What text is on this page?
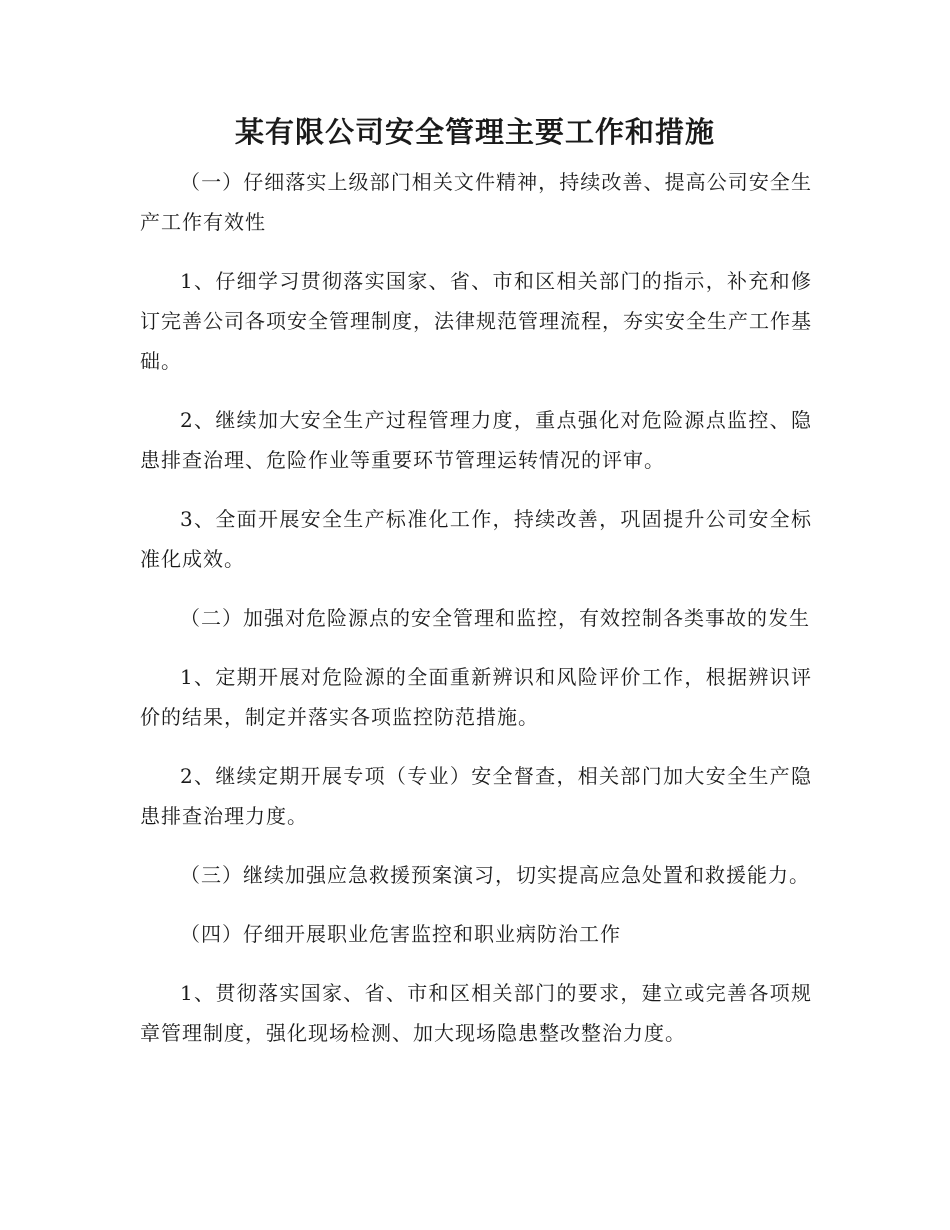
某有限公司安全管理主要工作和措施

（一）仔细落实上级部门相关文件精神，持续改善、提高公司安全生产工作有效性

1、仔细学习贯彻落实国家、省、市和区相关部门的指示，补充和修订完善公司各项安全管理制度，法律规范管理流程，夯实安全生产工作基础。

2、继续加大安全生产过程管理力度，重点强化对危险源点监控、隐患排查治理、危险作业等重要环节管理运转情况的评审。

3、全面开展安全生产标准化工作，持续改善，巩固提升公司安全标准化成效。

（二）加强对危险源点的安全管理和监控，有效控制各类事故的发生

1、定期开展对危险源的全面重新辨识和风险评价工作，根据辨识评价的结果，制定并落实各项监控防范措施。

2、继续定期开展专项（专业）安全督查，相关部门加大安全生产隐患排查治理力度。

（三）继续加强应急救援预案演习，切实提高应急处置和救援能力。

（四）仔细开展职业危害监控和职业病防治工作

1、贯彻落实国家、省、市和区相关部门的要求，建立或完善各项规章管理制度，强化现场检测、加大现场隐患整改整治力度。
